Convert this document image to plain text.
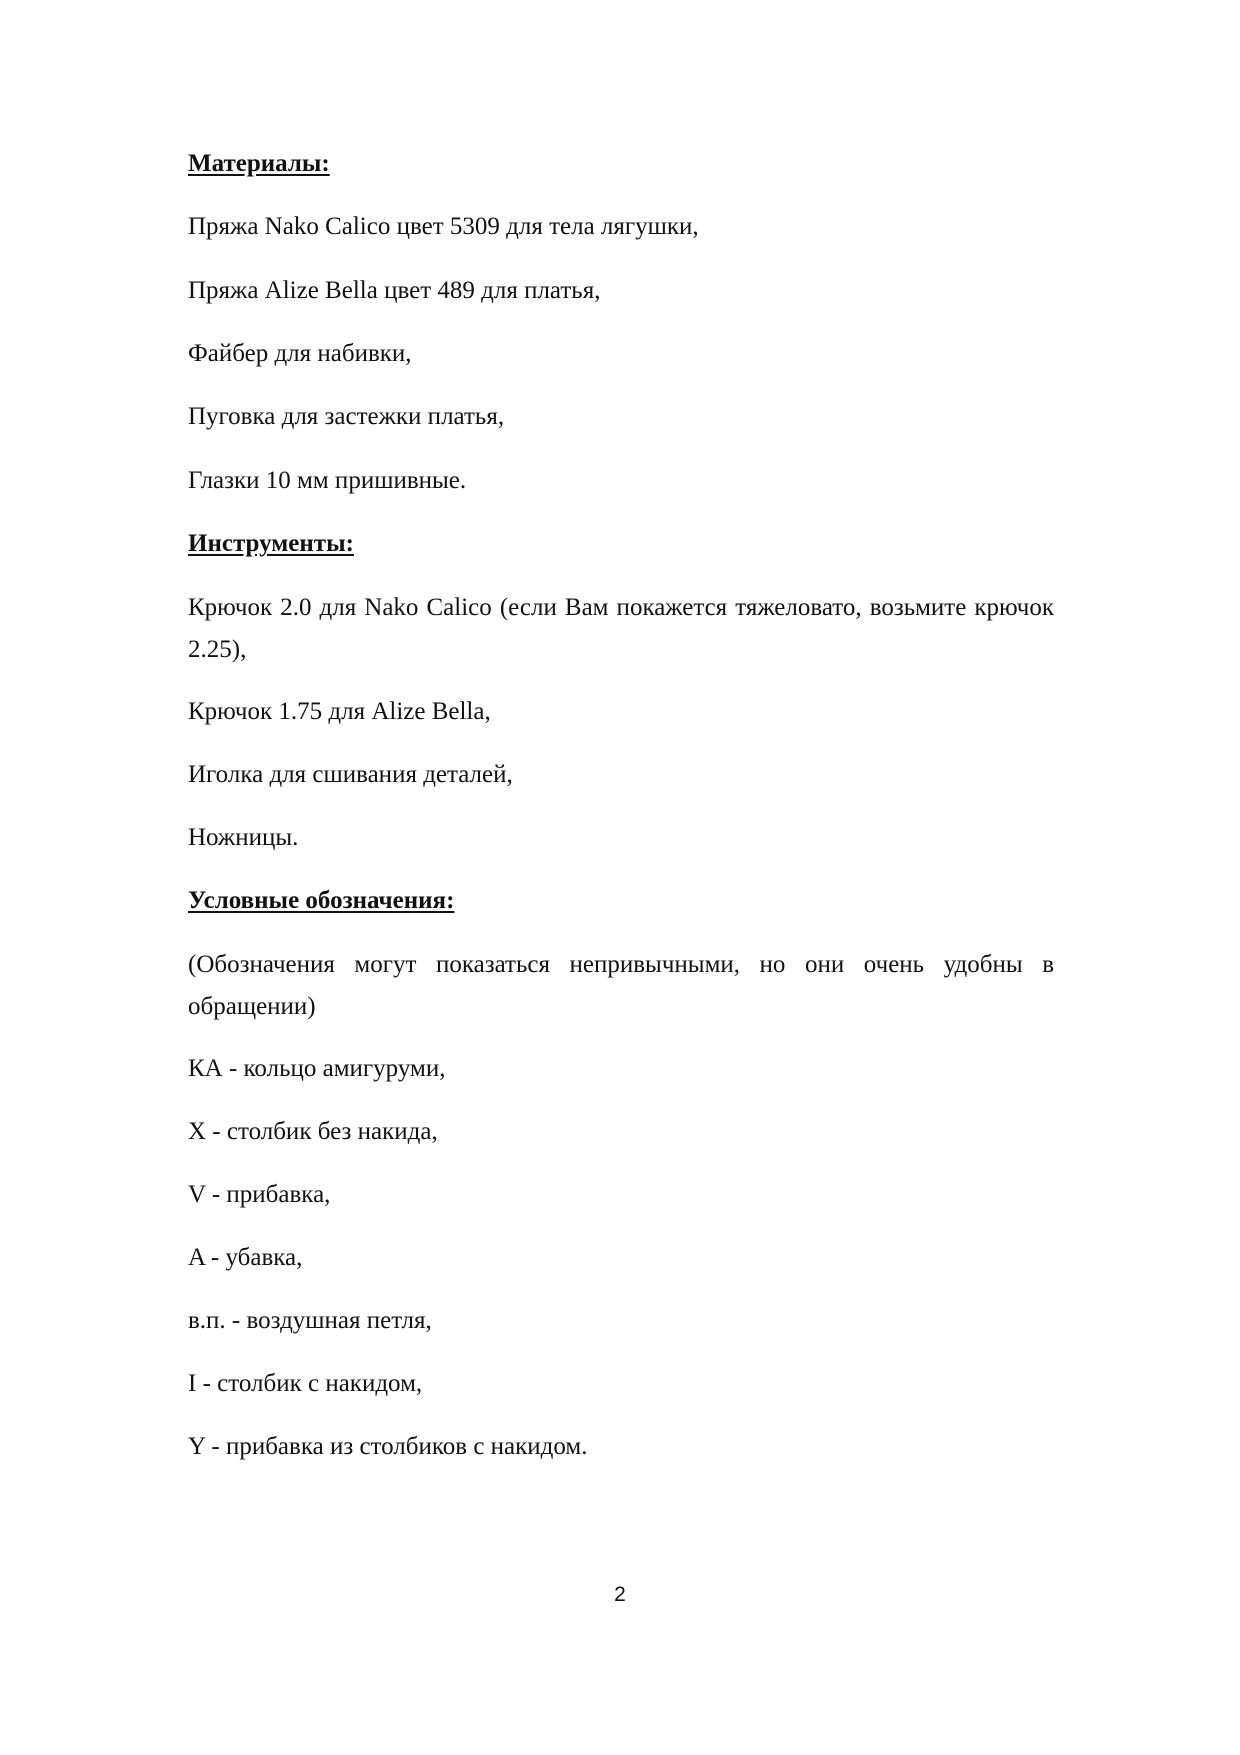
Материалы:
Пряжа Nako Calico цвет 5309 для тела лягушки,
Пряжа Alize Bella цвет 489 для платья,
Файбер для набивки,
Пуговка для застежки платья,
Глазки 10 мм пришивные.
Инструменты:
Крючок 2.0 для Nako Calico (если Вам покажется тяжеловато, возьмите крючок 2.25),
Крючок 1.75 для Alize Bella,
Иголка для сшивания деталей,
Ножницы.
Условные обозначения:
(Обозначения могут показаться непривычными, но они очень удобны в обращении)
КА - кольцо амигуруми,
X - столбик без накида,
V - прибавка,
A - убавка,
в.п. - воздушная петля,
I - столбик с накидом,
Y - прибавка из столбиков с накидом.
2
